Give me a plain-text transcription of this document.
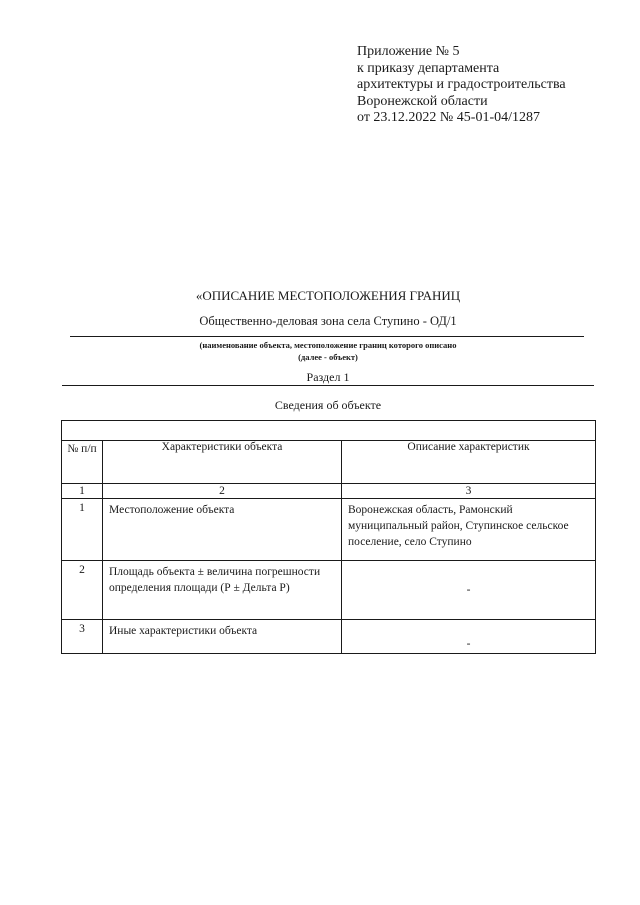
Приложение № 5
к приказу департамента
архитектуры и градостроительства
Воронежской области
от 23.12.2022 № 45-01-04/1287
«ОПИСАНИЕ МЕСТОПОЛОЖЕНИЯ ГРАНИЦ
Общественно-деловая зона села Ступино - ОД/1
(наименование объекта, местоположение границ которого описано
(далее - объект)
Раздел 1
Сведения об объекте

№ п/п	Характеристики объекта	Описание характеристик
1	2	3
1	Местоположение объекта	Воронежская область, Рамонский муниципальный район, Ступинское сельское поселение, село Ступино
2	Площадь объекта ± величина погрешности определения площади (Р ± Дельта Р)	-
3	Иные характеристики объекта	-
